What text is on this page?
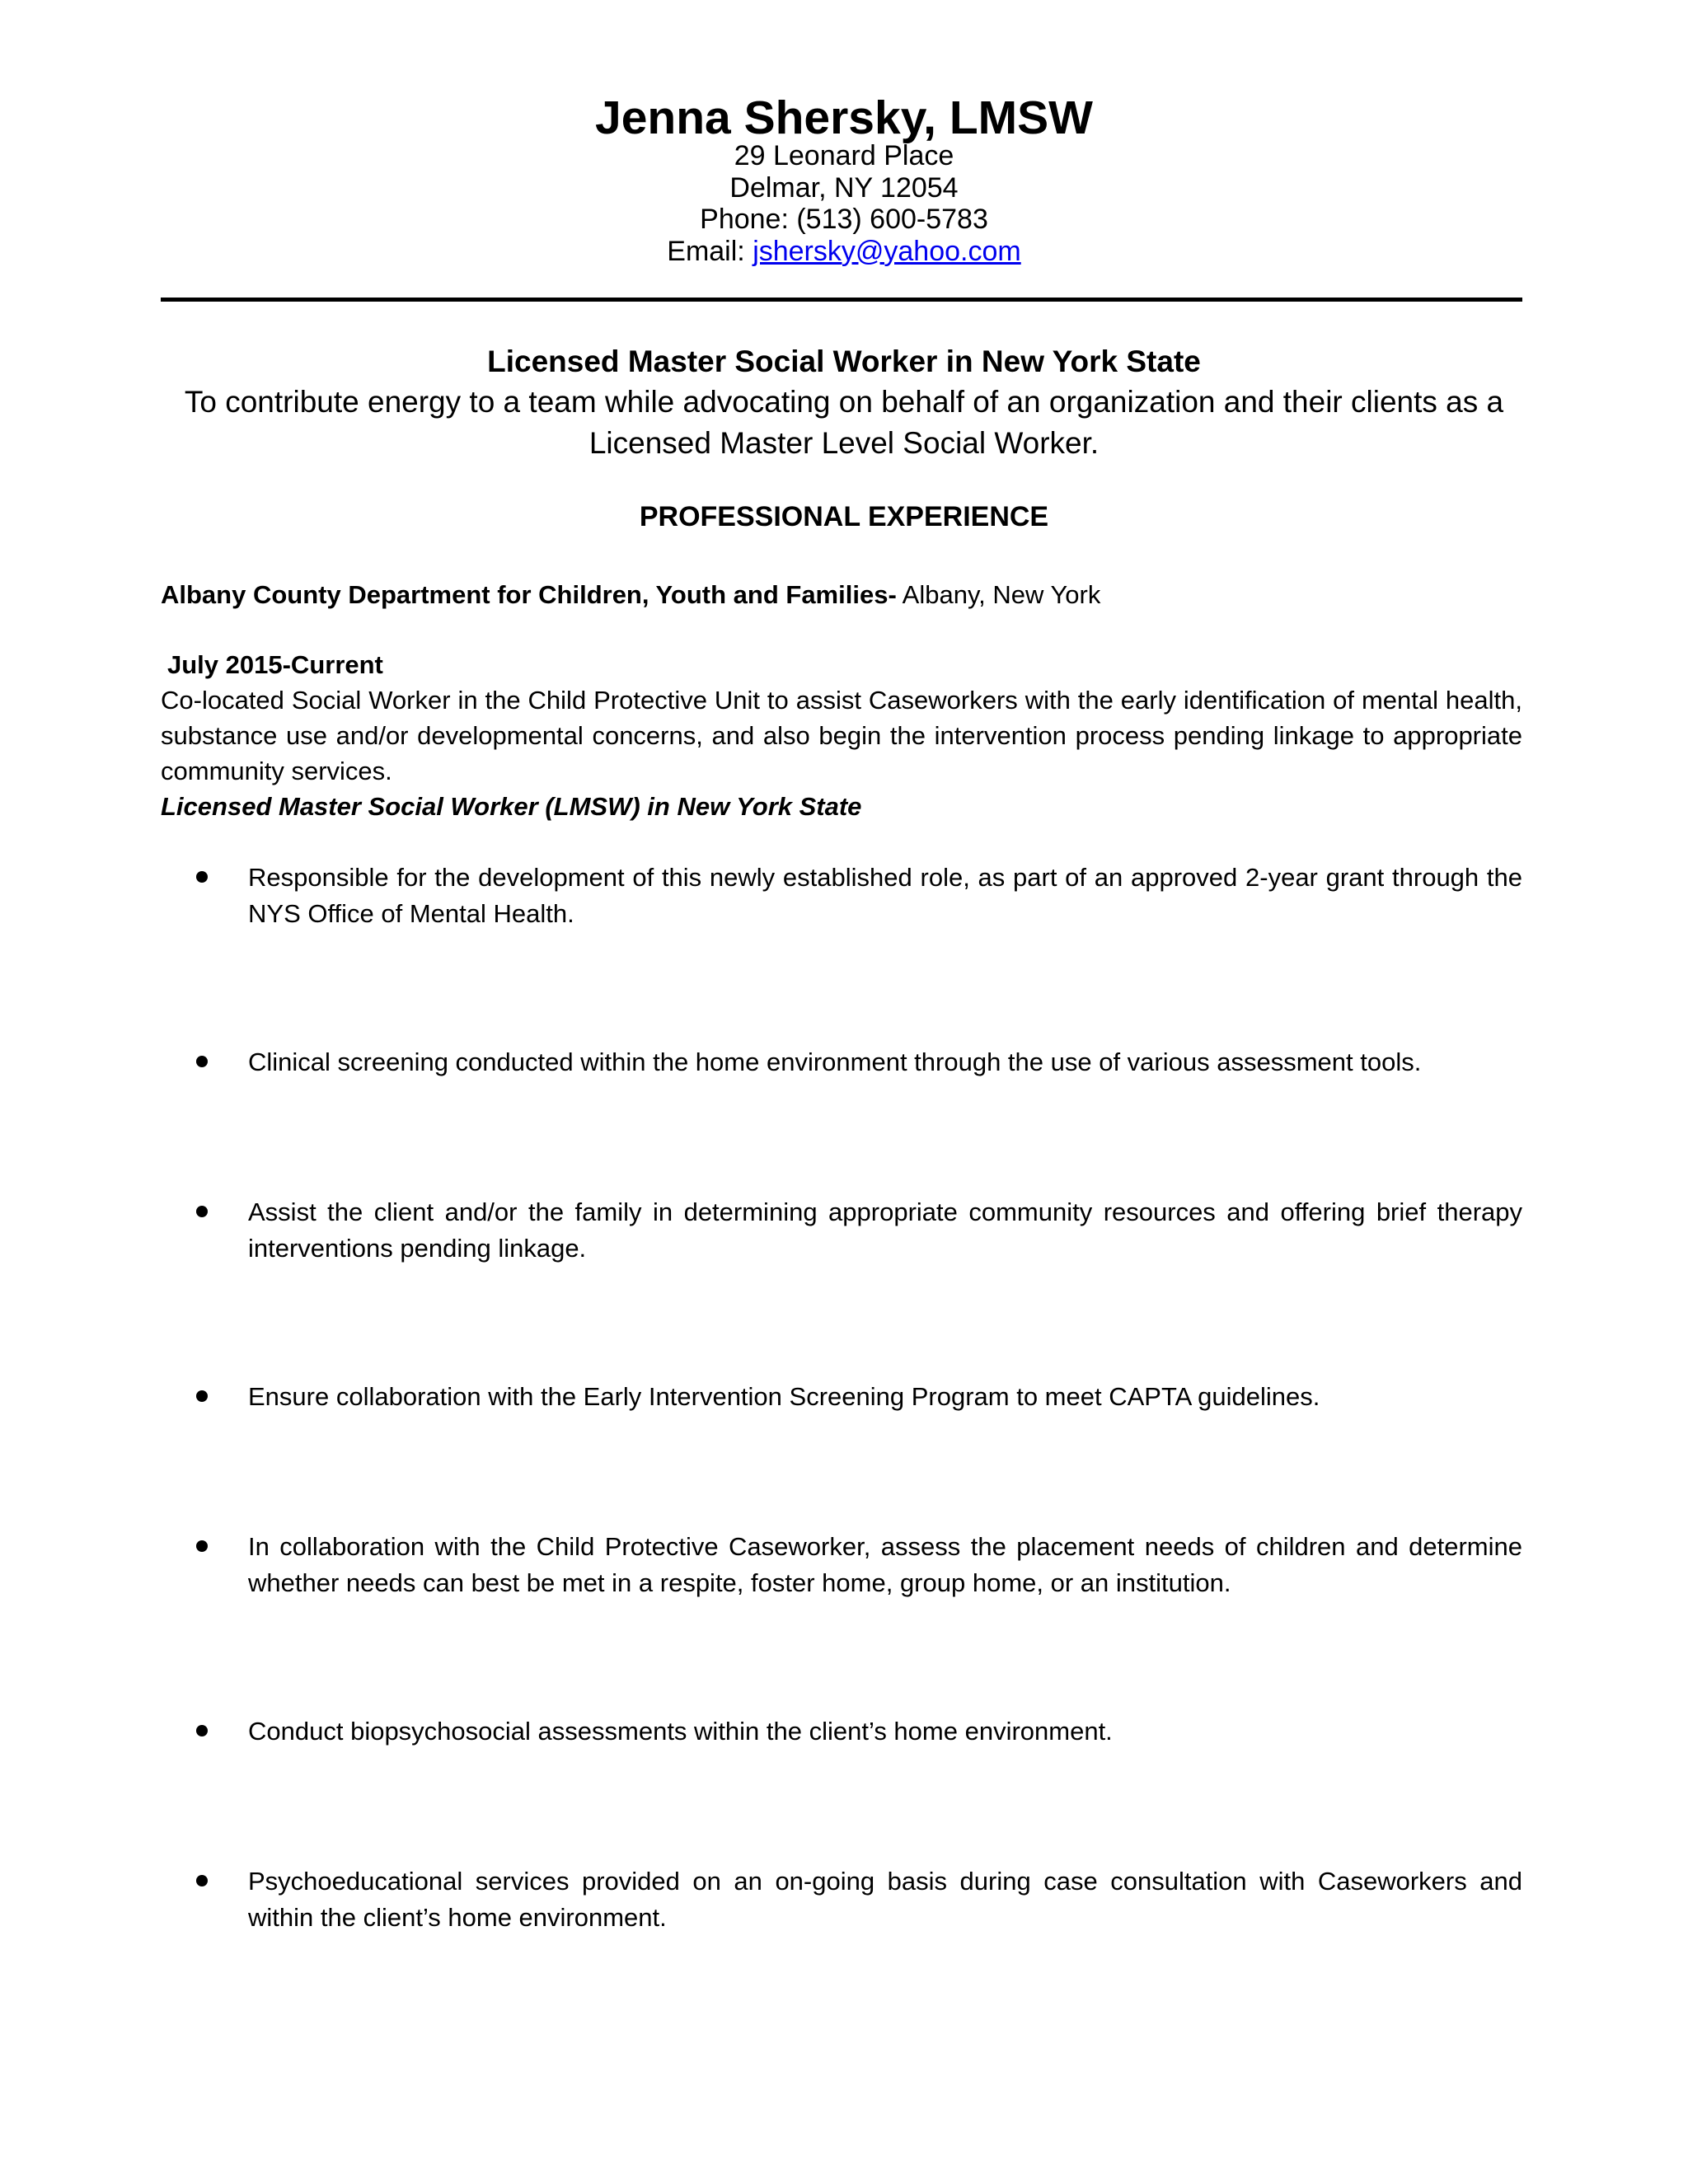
Jenna Shersky, LMSW
29 Leonard Place
Delmar, NY 12054
Phone: (513) 600-5783
Email: jshersky@yahoo.com
Licensed Master Social Worker in New York State
To contribute energy to a team while advocating on behalf of an organization and their clients as a Licensed Master Level Social Worker.
PROFESSIONAL EXPERIENCE
Albany County Department for Children, Youth and Families- Albany, New York
July 2015-Current
Co-located Social Worker in the Child Protective Unit to assist Caseworkers with the early identification of mental health, substance use and/or developmental concerns, and also begin the intervention process pending linkage to appropriate community services.
Licensed Master Social Worker (LMSW) in New York State
Responsible for the development of this newly established role, as part of an approved 2-year grant through the NYS Office of Mental Health.
Clinical screening conducted within the home environment through the use of various assessment tools.
Assist the client and/or the family in determining appropriate community resources and offering brief therapy interventions pending linkage.
Ensure collaboration with the Early Intervention Screening Program to meet CAPTA guidelines.
In collaboration with the Child Protective Caseworker, assess the placement needs of children and determine whether needs can best be met in a respite, foster home, group home, or an institution.
Conduct biopsychosocial assessments within the client’s home environment.
Psychoeducational services provided on an on-going basis during case consultation with Caseworkers and within the client’s home environment.
